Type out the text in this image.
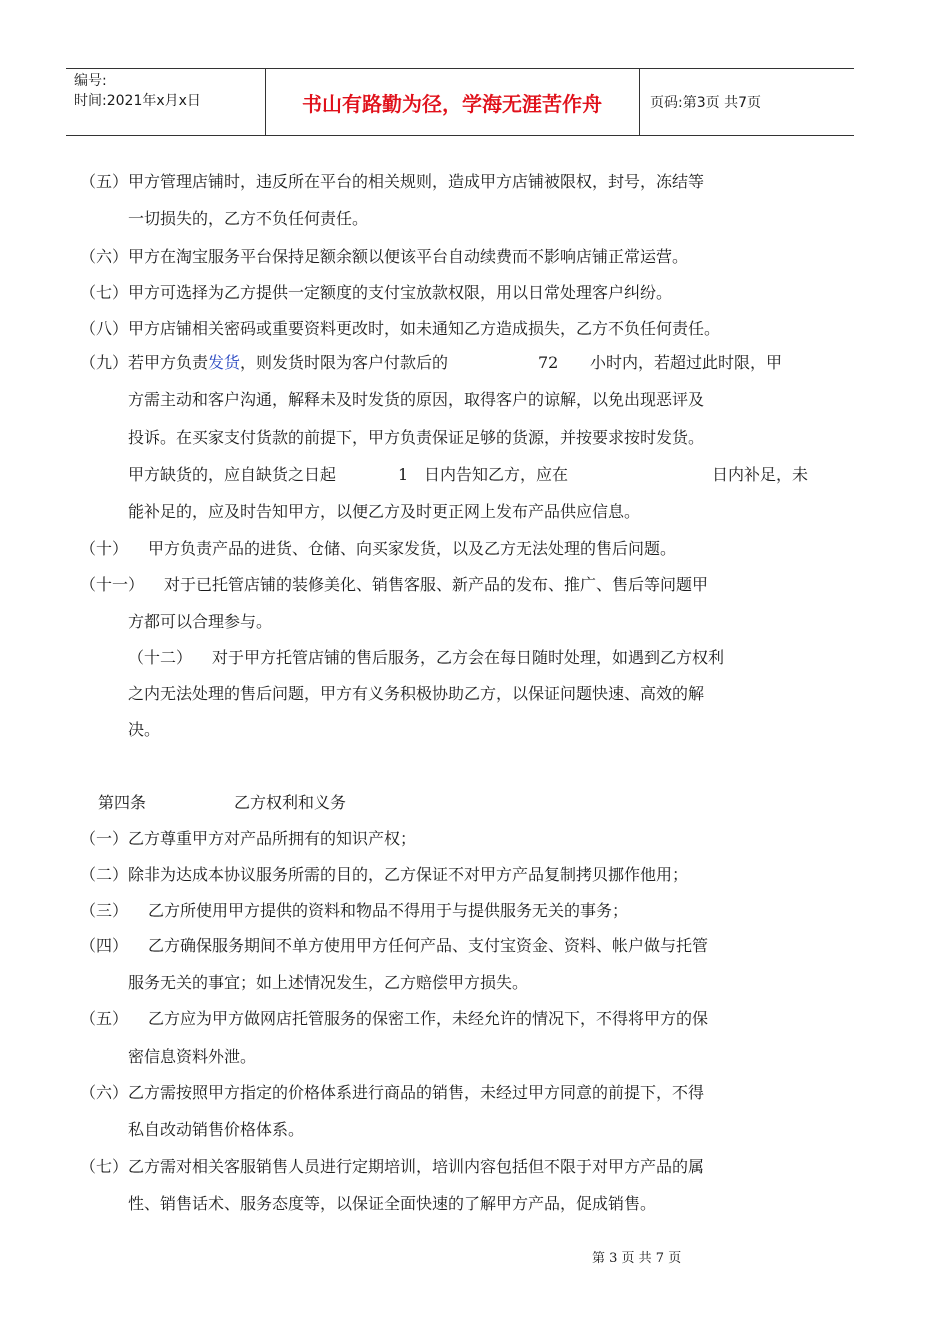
编号:
时间:2021年x月x日	书山有路勤为径，学海无涯苦作舟	页码:第3页 共7页
（五）甲方管理店铺时，违反所在平台的相关规则，造成甲方店铺被限权，封号，冻结等
一切损失的，乙方不负任何责任。
（六）甲方在淘宝服务平台保持足额余额以便该平台自动续费而不影响店铺正常运营。
（七）甲方可选择为乙方提供一定额度的支付宝放款权限，用以日常处理客户纠纷。
（八）甲方店铺相关密码或重要资料更改时，如未通知乙方造成损失，乙方不负任何责任。
（九）若甲方负责发货，则发货时限为客户付款后的	72 小时内，若超过此时限，甲
方需主动和客户沟通，解释未及时发货的原因，取得客户的谅解，以免出现恶评及
投诉。在买家支付货款的前提下，甲方负责保证足够的货源，并按要求按时发货。
甲方缺货的，应自缺货之日起	1 日内告知乙方，应在	日内补足，未
能补足的，应及时告知甲方，以便乙方及时更正网上发布产品供应信息。
（十） 甲方负责产品的进货、仓储、向买家发货，以及乙方无法处理的售后问题。
（十一） 对于已托管店铺的装修美化、销售客服、新产品的发布、推广、售后等问题甲
方都可以合理参与。
（十二） 对于甲方托管店铺的售后服务，乙方会在每日随时处理，如遇到乙方权利
之内无法处理的售后问题，甲方有义务积极协助乙方，以保证问题快速、高效的解
决。
第四条	乙方权利和义务
（一）乙方尊重甲方对产品所拥有的知识产权；
（二）除非为达成本协议服务所需的目的，乙方保证不对甲方产品复制拷贝挪作他用；
（三） 乙方所使用甲方提供的资料和物品不得用于与提供服务无关的事务；
（四） 乙方确保服务期间不单方使用甲方任何产品、支付宝资金、资料、帐户做与托管
服务无关的事宜；如上述情况发生，乙方赔偿甲方损失。
（五） 乙方应为甲方做网店托管服务的保密工作，未经允许的情况下，不得将甲方的保
密信息资料外泄。
（六）乙方需按照甲方指定的价格体系进行商品的销售，未经过甲方同意的前提下，不得
私自改动销售价格体系。
（七）乙方需对相关客服销售人员进行定期培训，培训内容包括但不限于对甲方产品的属
性、销售话术、服务态度等，以保证全面快速的了解甲方产品，促成销售。
第 3 页 共 7 页
